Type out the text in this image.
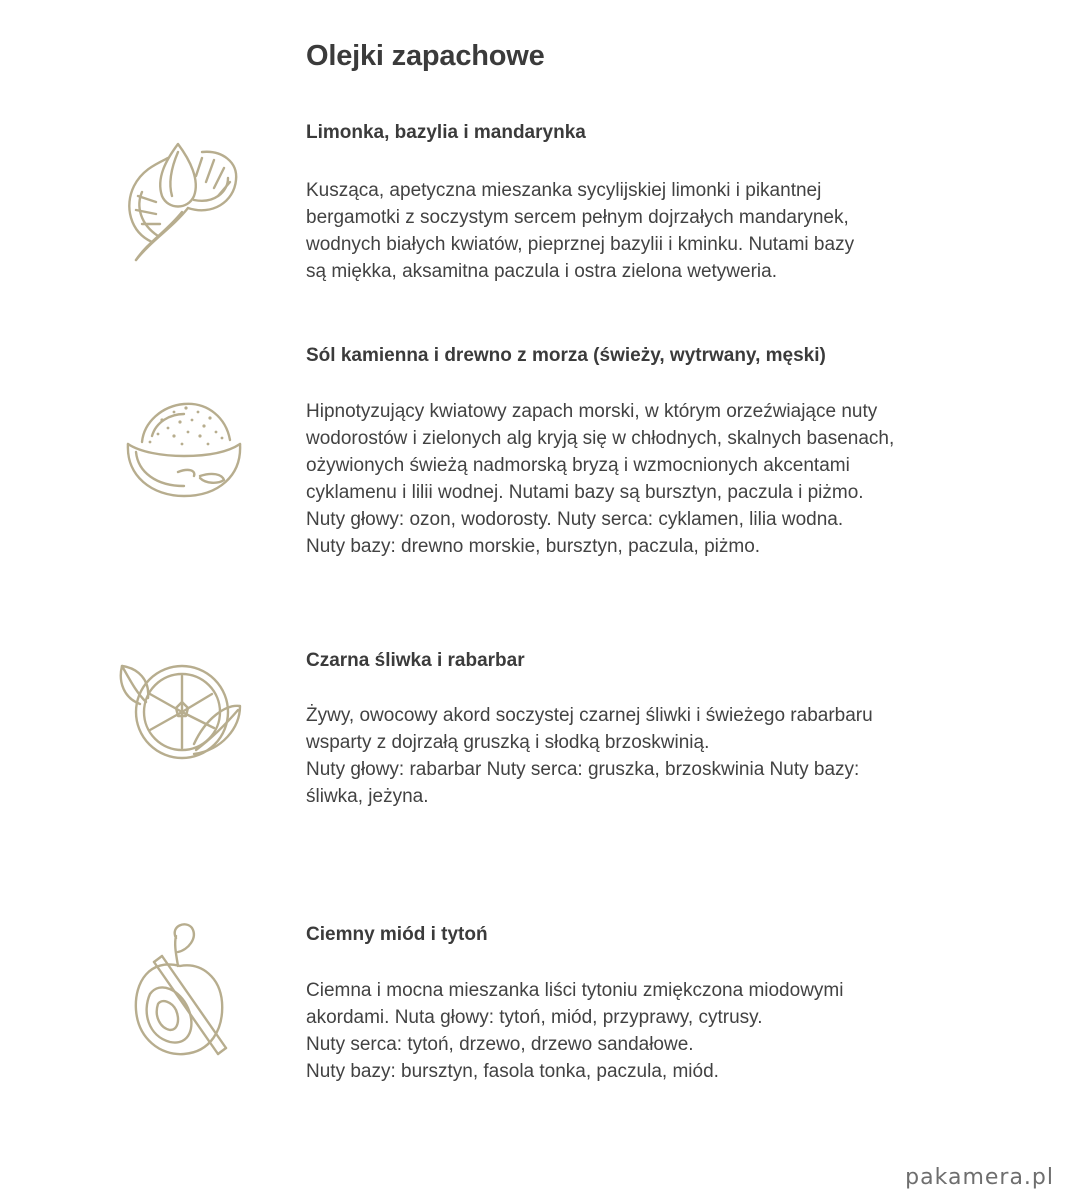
Olejki zapachowe
Limonka, bazylia i mandarynka

Kusząca, apetyczna mieszanka sycylijskiej limonki i pikantnej
bergamotki z soczystym sercem pełnym dojrzałych mandarynek,
wodnych białych kwiatów, pieprznej bazylii i kminku. Nutami bazy
są miękka, aksamitna paczula i ostra zielona wetyweria.

Sól kamienna i drewno z morza (świeży, wytrwany, męski)

Hipnotyzujący kwiatowy zapach morski, w którym orzeźwiające nuty
wodorostów i zielonych alg kryją się w chłodnych, skalnych basenach,
ożywionych świeżą nadmorską bryzą i wzmocnionych akcentami
cyklamenu i lilii wodnej. Nutami bazy są bursztyn, paczula i piżmo.
Nuty głowy: ozon, wodorosty. Nuty serca: cyklamen, lilia wodna.
Nuty bazy: drewno morskie, bursztyn, paczula, piżmo.

Czarna śliwka i rabarbar

Żywy, owocowy akord soczystej czarnej śliwki i świeżego rabarbaru
wsparty z dojrzałą gruszką i słodką brzoskwinią.
Nuty głowy: rabarbar Nuty serca: gruszka, brzoskwinia Nuty bazy:
śliwka, jeżyna.

Ciemny miód i tytoń

Ciemna i mocna mieszanka liści tytoniu zmiękczona miodowymi
akordami. Nuta głowy: tytoń, miód, przyprawy, cytrusy.
Nuty serca: tytoń, drzewo, drzewo sandałowe.
Nuty bazy: bursztyn, fasola tonka, paczula, miód.

pakamera.pl
